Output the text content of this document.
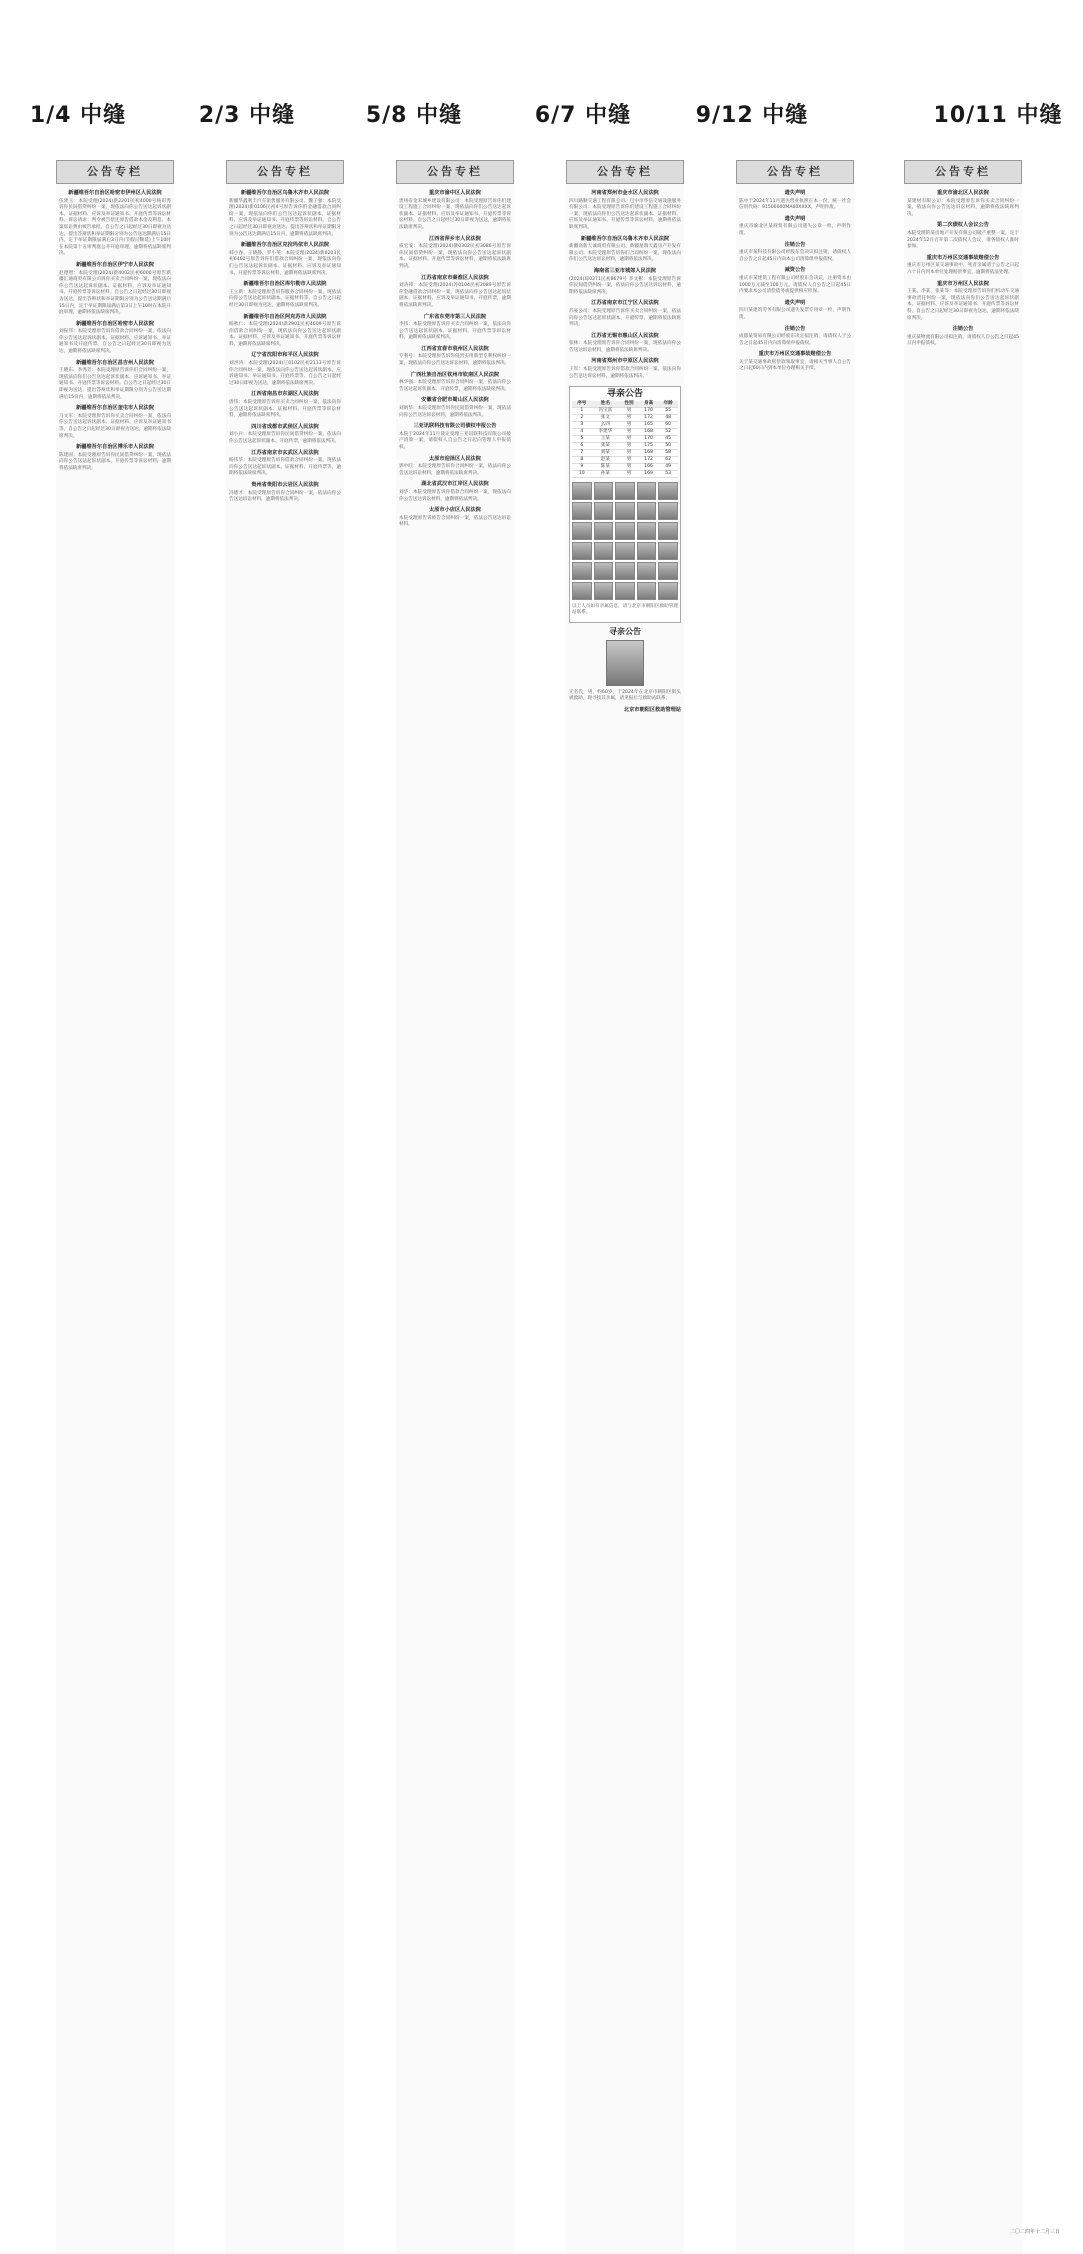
1/4 中缝	2/3 中缝	5/8 中缝	6/7 中缝	9/12 中缝	10/11 中缝
公告专栏
新疆维吾尔自治区哈密市伊州区人民法院
伍建玉：本院受理(2024)新2201民初4000号杨彩秀诉你民间借贷纠纷一案，现依法向你公告送达起诉状副本、证据材料、应诉及举证通知书、开庭传票等诉讼材料。诉讼请求：判令被告偿还原告借款本金及利息，本案诉讼费由被告承担。自公告之日起经过30日即视为送达，提出答辩状和举证期限分别为公告送达期满后15日内，定于举证期限届满后3日内(节假日顺延)上午10时在本院第十五审判庭公开开庭审理，逾期将依法缺席判决。
新疆维吾尔自治区伊宁市人民法院
赵德智：本院受理(2024)新4002民初6000号原告新疆汇通商贸有限公司诉你买卖合同纠纷一案，现依法向你公告送达起诉状副本、证据材料、应诉及举证通知书、开庭传票等诉讼材料。自公告之日起经过30日即视为送达，提出答辩状和举证期限分别为公告送达期满后15日内，定于举证期限届满后第3日上午10时在本院开庭审理，逾期将依法缺席判决。
新疆维吾尔自治区哈密市人民法院
刘振邦：本院受理原告诉你借款合同纠纷一案，依法向你公告送达起诉状副本、证据材料、应诉通知书、举证通知书及开庭传票。自公告之日起经过30日即视为送达，逾期将依法缺席判决。
新疆维吾尔自治区昌吉州人民法院
王晓东、李秀芳：本院受理原告诉你们合同纠纷一案，现依法向你们公告送达起诉状副本、应诉通知书、举证通知书、开庭传票等诉讼材料。自公告之日起经过30日即视为送达，提出答辩状和举证期限分别为公告送达期满后15日内，逾期将依法判决。
新疆维吾尔自治区奎屯市人民法院
马文军：本院受理原告诉你买卖合同纠纷一案，依法向你公告送达起诉状副本、证据材料、应诉及举证通知书等。自公告之日起经过30日即视为送达，逾期将依法缺席判决。
新疆维吾尔自治区博乐市人民法院
陈建国：本院受理原告诉你民间借贷纠纷一案，现依法向你公告送达起诉状副本、开庭传票等诉讼材料，逾期将依法缺席判决。
公告专栏
新疆维吾尔自治区乌鲁木齐市人民法院
新疆华鑫利丰汽车销售服务有限公司、魏子强：本院受理(2024)新0106民初4号原告诉你们金融借款合同纠纷一案，现依法向你们公告送达起诉状副本、证据材料、应诉及举证通知书、开庭传票等诉讼材料。自公告之日起经过30日即视为送达，提出答辩状和举证期限分别为公告送达期满后15日内，逾期将依法缺席判决。
新疆维吾尔自治区克拉玛依市人民法院
韩小春、王晓静、罗小英：本院受理(2024)新0203民初6460号原告诉你们借款合同纠纷一案，现依法向你们公告送达起诉状副本、证据材料、应诉及举证通知书、开庭传票等诉讼材料，逾期将依法缺席判决。
新疆维吾尔自治区库尔勒市人民法院
王立新：本院受理原告诉你服务合同纠纷一案，现依法向你公告送达起诉状副本、证据材料等，自公告之日起经过30日即视为送达，逾期将依法缺席判决。
新疆维吾尔自治区阿克苏市人民法院
杨秋仁：本院受理(2024)新2901民初4609号原告诉你借款合同纠纷一案，现依法向你公告送达起诉状副本、证据材料、应诉及举证通知书、开庭传票等诉讼材料，逾期将依法缺席判决。
辽宁省沈阳市和平区人民法院
刘洪涛：本院受理(2024)辽0102民初2113号原告诉你合同纠纷一案，现依法向你公告送达起诉状副本、应诉通知书、举证通知书、开庭传票等。自公告之日起经过30日即视为送达，逾期将依法缺席判决。
江西省南昌市东湖区人民法院
唐伟：本院受理原告诉你买卖合同纠纷一案，依法向你公告送达起诉状副本、证据材料、开庭传票等诉讼材料，逾期将依法缺席判决。
四川省成都市武侯区人民法院
刘小兵：本院受理原告诉你民间借贷纠纷一案，依法向你公告送达起诉状副本、开庭传票，逾期将依法判决。
江苏省南京市玄武区人民法院
杨伟华：本院受理原告诉你借款合同纠纷一案，现依法向你公告送达起诉状副本、证据材料、开庭传票等，逾期将依法缺席判决。
贵州省贵阳市云岩区人民法院
冯德才：本院受理原告诉你合同纠纷一案，依法向你公告送达诉讼材料，逾期将依法判决。
公告专栏
重庆市渝中区人民法院
贵州省金禾城乡建设有限公司：本院受理原告诉你们建设工程施工合同纠纷一案，现依法向你们公告送达起诉状副本、证据材料、应诉及举证通知书、开庭传票等诉讼材料。自公告之日起经过30日即视为送达，逾期将依法缺席判决。
江西省萍乡市人民法院
威宏安：本院受理(2024)赣0302民初3086号原告诉你民间借贷纠纷一案，现依法向你公告送达起诉状副本、证据材料、开庭传票等诉讼材料，逾期将依法缺席判决。
江苏省南京市秦淮区人民法院
刘涛锋：本院受理(2024)苏0104民初2089号原告诉你金融借款合同纠纷一案，现依法向你公告送达起诉状副本、证据材料、应诉及举证通知书、开庭传票，逾期将依法缺席判决。
广东省东莞市第三人民法院
李伟：本院受理原告诉你买卖合同纠纷一案，依法向你公告送达起诉状副本、证据材料、开庭传票等诉讼材料，逾期将依法缺席判决。
江西省宜春市袁州区人民法院
专利号：本院受理原告诉你侵害实用新型专利权纠纷一案，现依法向你公告送达诉讼材料，逾期将依法判决。
广西壮族自治区钦州市钦南区人民法院
林华强：本院受理原告诉你合同纠纷一案，依法向你公告送达起诉状副本、开庭传票，逾期将依法缺席判决。
安徽省合肥市蜀山区人民法院
刘炳华：本院受理原告诉你民间借贷纠纷一案，现依法向你公告送达诉讼材料，逾期将依法判决。
三亚讯联科技有限公司债权申报公告
本院于2024年11月裁定受理三亚讯联科技有限公司破产清算一案，请债权人自公告之日起向管理人申报债权。
太原市迎泽区人民法院
郭中旺：本院受理原告诉你合同纠纷一案，依法向你公告送达诉讼材料，逾期将依法缺席判决。
湖北省武汉市江岸区人民法院
刘华：本院受理原告诉你借款合同纠纷一案，现依法向你公告送达诉讼材料，逾期将依法判决。
太原市小店区人民法院
本院受理原告诉被告合同纠纷一案，依法公告送达诉讼材料。
公告专栏
河南省郑州市金水区人民法院
四川路顺交通工程有限公司、巴中市华信交通设施服务有限公司：本院受理原告诉你们建设工程施工合同纠纷一案，现依法向你们公告送达起诉状副本、证据材料、应诉及举证通知书、开庭传票等诉讼材料，逾期将依法缺席判决。
新疆维吾尔自治区乌鲁木齐市人民法院
新疆高新天诚商贸有限公司、新疆星瑞天鑫房产开发有限公司：本院受理原告诉你们合同纠纷一案，现依法向你们公告送达诉讼材料，逾期将依法判决。
海南省三亚市城郊人民法院
(2024)琼0271民初8679号 李文彬：本院受理原告诉你民间借贷纠纷一案，依法向你公告送达诉讼材料，逾期将依法缺席判决。
江苏省南京市江宁区人民法院
苏豪公司：本院受理原告诉你买卖合同纠纷一案，依法向你公告送达起诉状副本、开庭传票，逾期将依法缺席判决。
江苏省无锡市惠山区人民法院
张林：本院受理原告诉你合同纠纷一案，现依法向你公告送达诉讼材料，逾期将依法缺席判决。
河南省郑州市中原区人民法院
王军：本院受理原告诉你借款合同纠纷一案，依法向你公告送达诉讼材料，逾期将依法判决。
寻亲公告
序号	姓名	性别	身高	年龄
1	冯宝富	男	170	55
2	张文	男	172	48
3	幺四	男	165	60
4	李建华	男	168	52
5	王某	男	170	45
6	张某	男	175	50
7	刘某	男	168	58
8	赵某	男	172	62
9	陈某	男	166	49
10	孙某	男	169	53
以上人员如有亲属信息，请与北京市朝阳区救助管理站联系。
寻亲公告
无名氏，男，约60岁，于2024年在北京市朝阳区街头被救助，现寻找其亲属，请见报后与救助站联系。
北京市朝阳区救助管理站
公告专栏
遗失声明
陈中于2024年11月遗失营业执照正本一份，统一社会信用代码：91500000MA60XXXX，声明作废。
遗失声明
重庆市渝北区某商贸有限公司遗失公章一枚，声明作废。
注销公告
重庆市某科技有限公司经股东会决议拟注销，请债权人自公告之日起45日内向本公司清算组申报债权。
减资公告
重庆市某建筑工程有限公司经股东会决议，注册资本由1000万元减至100万元，请债权人自公告之日起45日内要求本公司清偿债务或提供相应担保。
遗失声明
四川某建筑劳务有限公司遗失发票专用章一枚，声明作废。
注销公告
成都某贸易有限公司经股东决定拟注销，请债权人于公告之日起45日内向清算组申报债权。
重庆市万州区交通事故赔偿公告
关于某交通事故赔偿款领取事宜，请相关当事人自公告之日起60日内到本单位办理相关手续。
公告专栏
重庆市渝北区人民法院
某建材有限公司：本院受理原告诉你买卖合同纠纷一案，依法向你公告送达诉讼材料，逾期将依法缺席判决。
第二次债权人会议公告
本院受理的某房地产开发有限公司破产重整一案，定于2024年12月召开第二次债权人会议，请各债权人准时参加。
重庆市万州区交通事故赔偿公告
重庆市万州区某交通事故中，死者亲属请于公告之日起六十日内到本单位处理赔偿事宜，逾期将依法处理。
重庆市万州区人民法院
王某、李某、张某等：本院受理原告诉你们机动车交通事故责任纠纷一案，现依法向你们公告送达起诉状副本、证据材料、应诉及举证通知书、开庭传票等诉讼材料，自公告之日起经过30日即视为送达，逾期将依法缺席判决。
注销公告
重庆某物流有限公司拟注销，请债权人自公告之日起45日内申报债权。
二〇二四年十二月三日
